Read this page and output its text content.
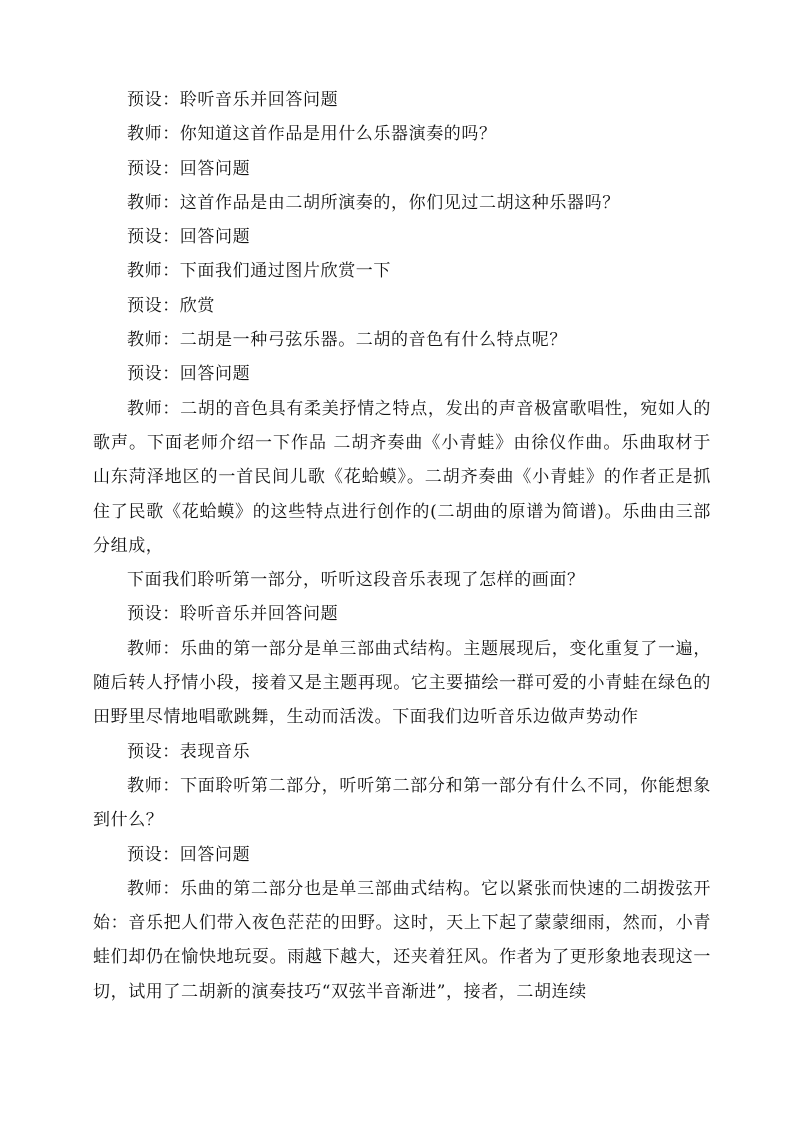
预设：聆听音乐并回答问题

教师：你知道这首作品是用什么乐器演奏的吗？

预设：回答问题

教师：这首作品是由二胡所演奏的，你们见过二胡这种乐器吗？

预设：回答问题

教师：下面我们通过图片欣赏一下

预设：欣赏

教师：二胡是一种弓弦乐器。二胡的音色有什么特点呢？

预设：回答问题

教师：二胡的音色具有柔美抒情之特点，发出的声音极富歌唱性，宛如人的歌声。下面老师介绍一下作品 二胡齐奏曲《小青蛙》由徐仪作曲。乐曲取材于山东菏泽地区的一首民间儿歌《花蛤蟆》。二胡齐奏曲《小青蛙》的作者正是抓住了民歌《花蛤蟆》的这些特点进行创作的(二胡曲的原谱为简谱)。乐曲由三部分组成，

下面我们聆听第一部分，听听这段音乐表现了怎样的画面？

预设：聆听音乐并回答问题

教师：乐曲的第一部分是单三部曲式结构。主题展现后，变化重复了一遍，随后转人抒情小段，接着又是主题再现。它主要描绘一群可爱的小青蛙在绿色的田野里尽情地唱歌跳舞，生动而活泼。下面我们边听音乐边做声势动作

预设：表现音乐

教师：下面聆听第二部分，听听第二部分和第一部分有什么不同，你能想象到什么？

预设：回答问题

教师：乐曲的第二部分也是单三部曲式结构。它以紧张而快速的二胡拨弦开始：音乐把人们带入夜色茫茫的田野。这时，天上下起了蒙蒙细雨，然而，小青蛙们却仍在愉快地玩耍。雨越下越大，还夹着狂风。作者为了更形象地表现这一切，试用了二胡新的演奏技巧“双弦半音渐进”，接者，二胡连续
